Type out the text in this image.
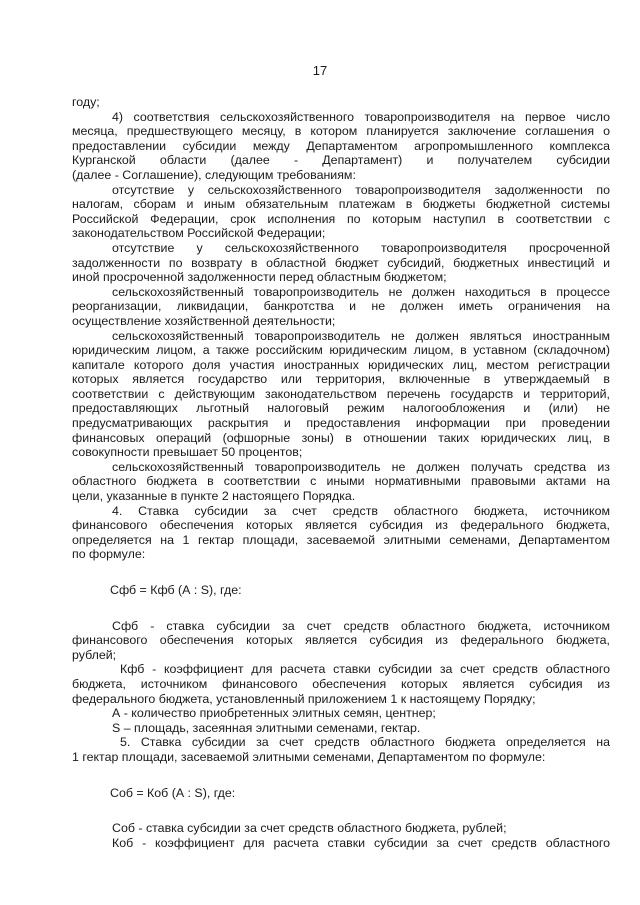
17
году;
4) соответствия сельскохозяйственного товаропроизводителя на первое число
месяца, предшествующего месяцу, в котором планируется заключение соглашения о
предоставлении субсидии между Департаментом агропромышленного комплекса
Курганской области (далее - Департамент) и получателем субсидии
(далее - Соглашение), следующим требованиям:
отсутствие у сельскохозяйственного товаропроизводителя задолженности по
налогам, сборам и иным обязательным платежам в бюджеты бюджетной системы
Российской Федерации, срок исполнения по которым наступил в соответствии с
законодательством Российской Федерации;
отсутствие у сельскохозяйственного товаропроизводителя просроченной
задолженности по возврату в областной бюджет субсидий, бюджетных инвестиций и
иной просроченной задолженности перед областным бюджетом;
сельскохозяйственный товаропроизводитель не должен находиться в процессе
реорганизации, ликвидации, банкротства и не должен иметь ограничения на
осуществление хозяйственной деятельности;
сельскохозяйственный товаропроизводитель не должен являться иностранным
юридическим лицом, а также российским юридическим лицом, в уставном (складочном)
капитале которого доля участия иностранных юридических лиц, местом регистрации
которых является государство или территория, включенные в утверждаемый в
соответствии с действующим законодательством перечень государств и территорий,
предоставляющих льготный налоговый режим налогообложения и (или) не
предусматривающих раскрытия и предоставления информации при проведении
финансовых операций (офшорные зоны) в отношении таких юридических лиц, в
совокупности превышает 50 процентов;
сельскохозяйственный товаропроизводитель не должен получать средства из
областного бюджета в соответствии с иными нормативными правовыми актами на
цели, указанные в пункте 2 настоящего Порядка.
4. Ставка субсидии за счет средств областного бюджета, источником
финансового обеспечения которых является субсидия из федерального бюджета,
определяется на 1 гектар площади, засеваемой элитными семенами, Департаментом
по формуле:
Сфб = Кфб (А : S), где:
Сфб - ставка субсидии за счет средств областного бюджета, источником
финансового обеспечения которых является субсидия из федерального бюджета,
рублей;
Кфб - коэффициент для расчета ставки субсидии за счет средств областного
бюджета, источником финансового обеспечения которых является субсидия из
федерального бюджета, установленный приложением 1 к настоящему Порядку;
А - количество приобретенных элитных семян, центнер;
S – площадь, засеянная элитными семенами, гектар.
5. Ставка субсидии за счет средств областного бюджета определяется на
1 гектар площади, засеваемой элитными семенами, Департаментом по формуле:
Соб = Коб (А : S), где:
Соб - ставка субсидии за счет средств областного бюджета, рублей;
Коб - коэффициент для расчета ставки субсидии за счет средств областного
